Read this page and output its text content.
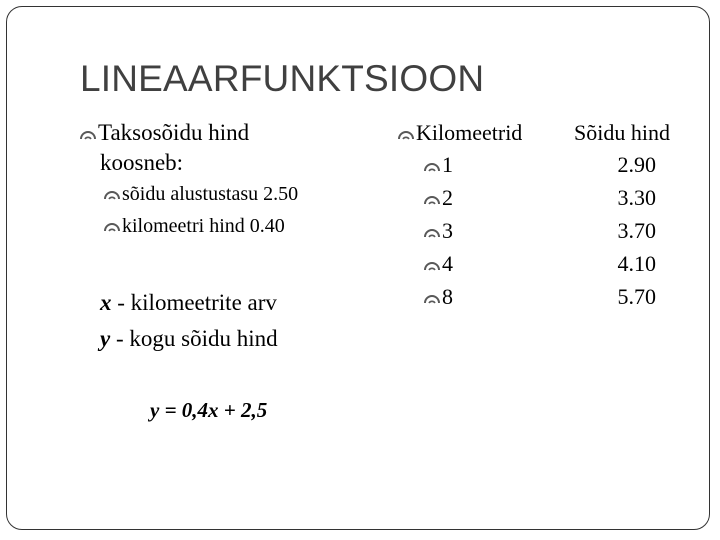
LINEAARFUNKTSIOON
Taksosõidu hind
koosneb:
sõidu alustustasu 2.50
kilomeetri hind 0.40
x - kilomeetrite arv
y - kogu sõidu hind
y = 0,4x + 2,5
Kilomeetrid
1
2
3
4
8
Sõidu hind
2.90
3.30
3.70
4.10
5.70
